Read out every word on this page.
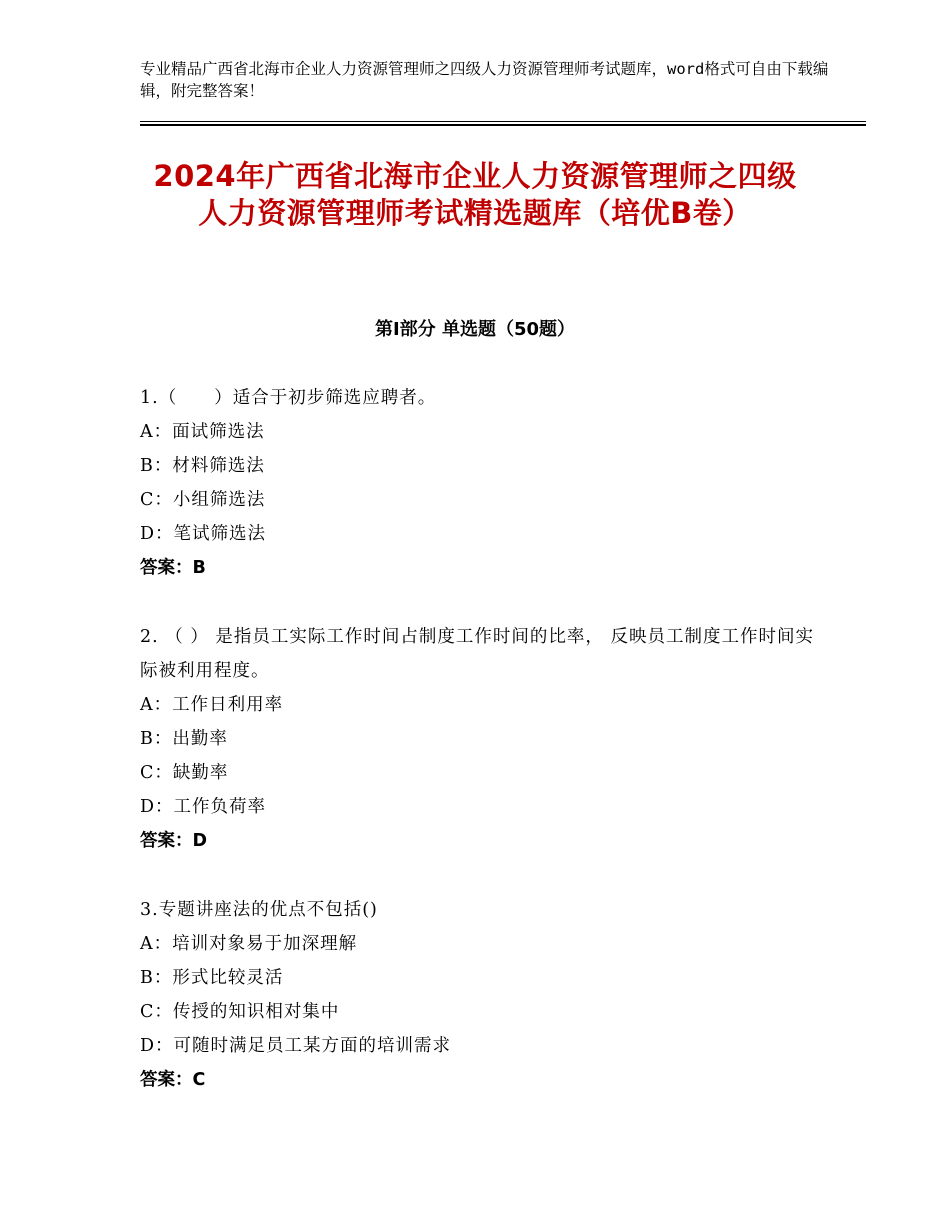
专业精品广西省北海市企业人力资源管理师之四级人力资源管理师考试题库，word格式可自由下载编辑，附完整答案！
2024年广西省北海市企业人力资源管理师之四级人力资源管理师考试精选题库（培优B卷）
第Ⅰ部分 单选题（50题）
1.（　　）适合于初步筛选应聘者。
A：面试筛选法
B：材料筛选法
C：小组筛选法
D：笔试筛选法
答案：B
2. （ ） 是指员工实际工作时间占制度工作时间的比率， 反映员工制度工作时间实际被利用程度。
A：工作日利用率
B：出勤率
C：缺勤率
D：工作负荷率
答案：D
3.专题讲座法的优点不包括()
A：培训对象易于加深理解
B：形式比较灵活
C：传授的知识相对集中
D：可随时满足员工某方面的培训需求
答案：C
